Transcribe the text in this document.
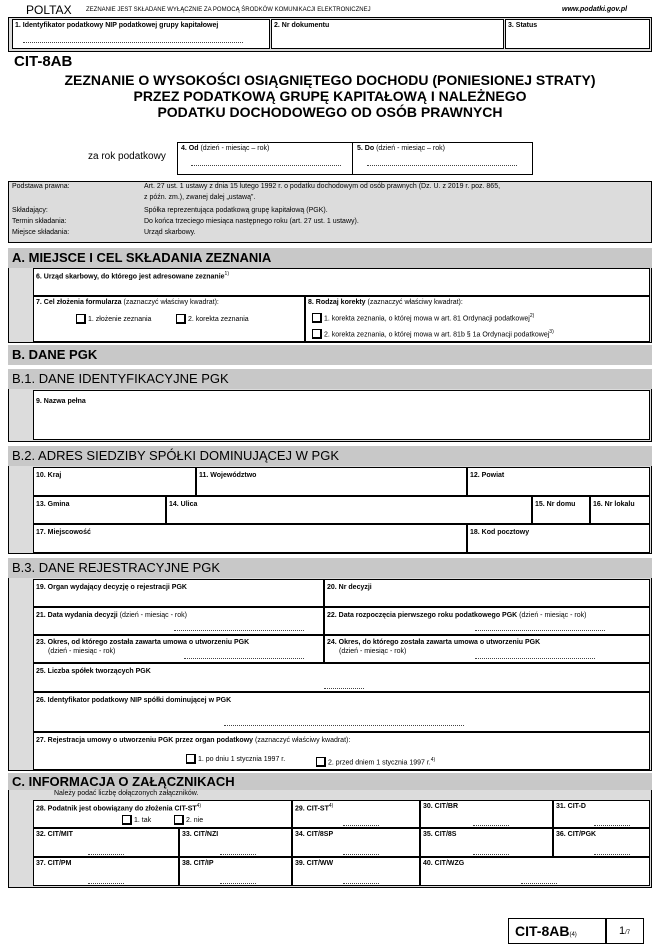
POLTAX ZEZNANIE JEST SKŁADANE WYŁĄCZNIE ZA POMOCĄ ŚRODKÓW KOMUNIKACJI ELEKTRONICZNEJ	www.podatki.gov.pl
1. Identyfikator podatkowy NIP podatkowej grupy kapitałowej	2. Nr dokumentu	3. Status
CIT-8AB
ZEZNANIE O WYSOKOŚCI OSIĄGNIĘTEGO DOCHODU (PONIESIONEJ STRATY)
PRZEZ PODATKOWĄ GRUPĘ KAPITAŁOWĄ I NALEŻNEGO
PODATKU DOCHODOWEGO OD OSÓB PRAWNYCH
za rok podatkowy
4. Od (dzień - miesiąc – rok)	5. Do (dzień - miesiąc – rok)
Podstawa prawna:	Art. 27 ust. 1 ustawy z dnia 15 lutego 1992 r. o podatku dochodowym od osób prawnych (Dz. U. z 2019 r. poz. 865,
z późn. zm.), zwanej dalej „ustawą”.
Składający:	Spółka reprezentująca podatkową grupę kapitałową (PGK).
Termin składania:	Do końca trzeciego miesiąca następnego roku (art. 27 ust. 1 ustawy).
Miejsce składania:	Urząd skarbowy.
A. MIEJSCE I CEL SKŁADANIA ZEZNANIA
6. Urząd skarbowy, do którego jest adresowane zeznanie$^{1)}$
7. Cel złożenia formularza (zaznaczyć właściwy kwadrat):
1. złożenie zeznania	2. korekta zeznania
8. Rodzaj korekty (zaznaczyć właściwy kwadrat):
1. korekta zeznania, o której mowa w art. 81 Ordynacji podatkowej$^{2)}$
2. korekta zeznania, o której mowa w art. 81b § 1a Ordynacji podatkowej$^{3)}$
B. DANE PGK
B.1. DANE IDENTYFIKACYJNE PGK
9. Nazwa pełna
B.2. ADRES SIEDZIBY SPÓŁKI DOMINUJĄCEJ W PGK
10. Kraj	11. Województwo	12. Powiat
13. Gmina	14. Ulica	15. Nr domu	16. Nr lokalu
17. Miejscowość	18. Kod pocztowy
B.3. DANE REJESTRACYJNE PGK
19. Organ wydający decyzję o rejestracji PGK	20. Nr decyzji
21. Data wydania decyzji (dzień - miesiąc - rok)	22. Data rozpoczęcia pierwszego roku podatkowego PGK (dzień - miesiąc - rok)
23. Okres, od którego została zawarta umowa o utworzeniu PGK
(dzień - miesiąc - rok)
24. Okres, do którego została zawarta umowa o utworzeniu PGK
(dzień - miesiąc - rok)
25. Liczba spółek tworzących PGK
26. Identyfikator podatkowy NIP spółki dominującej w PGK
27. Rejestracja umowy o utworzeniu PGK przez organ podatkowy (zaznaczyć właściwy kwadrat):
1. po dniu 1 stycznia 1997 r.	2. przed dniem 1 stycznia 1997 r.$^{4)}$
C. INFORMACJA O ZAŁĄCZNIKACH
Należy podać liczbę dołączonych załączników.
28. Podatnik jest obowiązany do złożenia CIT-ST$^{4)}$
1. tak	2. nie
29. CIT-ST$^{4)}$	30. CIT/BR	31. CIT-D
32. CIT/MIT	33. CIT/NZI	34. CIT/8SP	35. CIT/8S	36. CIT/PGK
37. CIT/PM	38. CIT/IP	39. CIT/WW	40. CIT/WZG
CIT-8AB(4)	1/7
